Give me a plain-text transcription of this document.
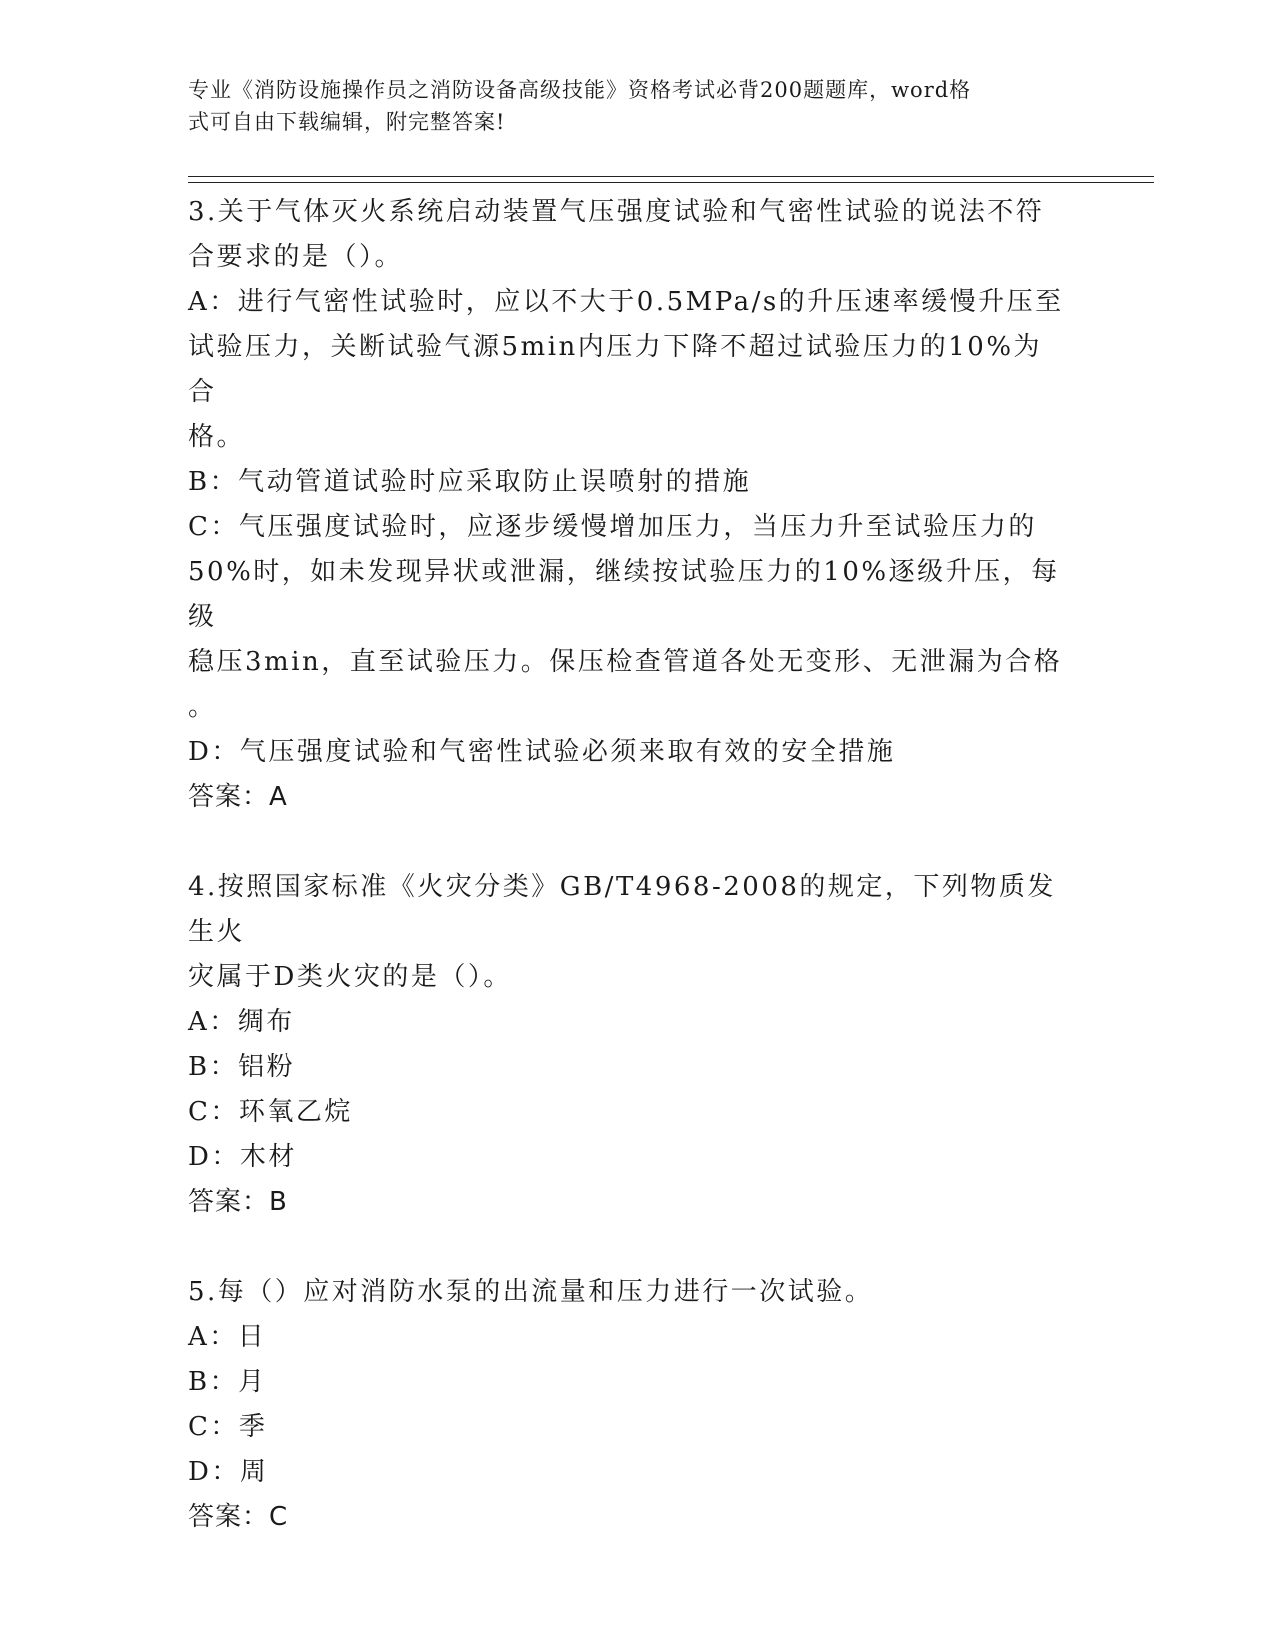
专业《消防设施操作员之消防设备高级技能》资格考试必背200题题库，word格
式可自由下载编辑，附完整答案!
3.关于气体灭火系统启动装置气压强度试验和气密性试验的说法不符
合要求的是（）。
A：进行气密性试验时，应以不大于0.5MPa/s的升压速率缓慢升压至
试验压力，关断试验气源5min内压力下降不超过试验压力的10%为合
格。
B：气动管道试验时应采取防止误喷射的措施
C：气压强度试验时，应逐步缓慢增加压力，当压力升至试验压力的
50%时，如未发现异状或泄漏，继续按试验压力的10%逐级升压，每级
稳压3min，直至试验压力。保压检查管道各处无变形、无泄漏为合格
。
D：气压强度试验和气密性试验必须来取有效的安全措施
答案：A
4.按照国家标准《火灾分类》GB/T4968-2008的规定，下列物质发生火
灾属于D类火灾的是（）。
A：绸布
B：铝粉
C：环氧乙烷
D：木材
答案：B
5.每（）应对消防水泵的出流量和压力进行一次试验。
A：日
B：月
C：季
D：周
答案：C
